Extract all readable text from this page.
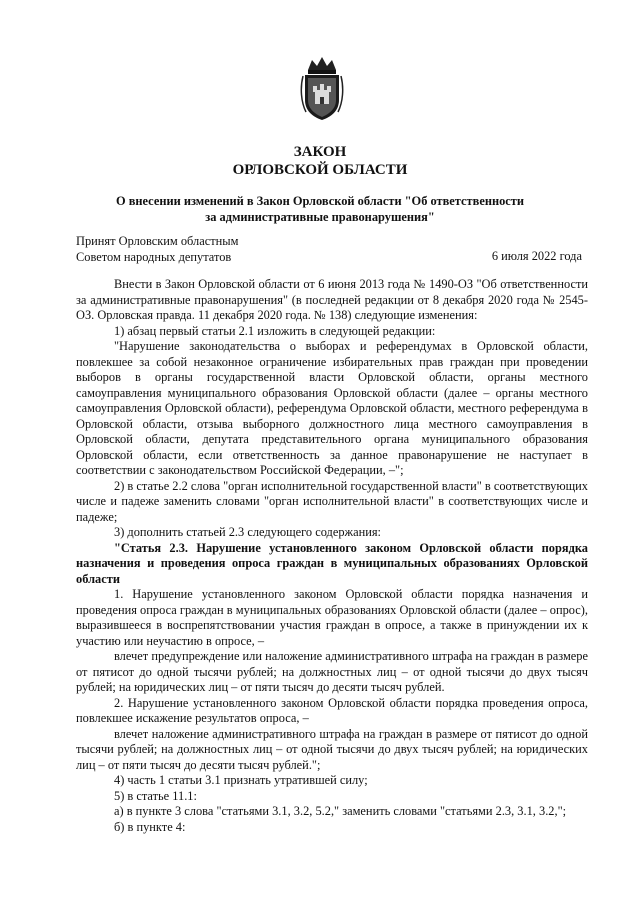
ЗАКОН
ОРЛОВСКОЙ ОБЛАСТИ
О внесении изменений в Закон Орловской области "Об ответственности
за административные правонарушения"
Принят Орловским областным
Советом народных депутатов	6 июля 2022 года

Внести в Закон Орловской области от 6 июня 2013 года № 1490-ОЗ "Об ответственности за административные правонарушения" (в последней редакции от 8 декабря 2020 года № 2545-ОЗ. Орловская правда. 11 декабря 2020 года. № 138) следующие изменения:

1) абзац первый статьи 2.1 изложить в следующей редакции:

"Нарушение законодательства о выборах и референдумах в Орловской области, повлекшее за собой незаконное ограничение избирательных прав граждан при проведении выборов в органы государственной власти Орловской области, органы местного самоуправления муниципального образования Орловской области (далее – органы местного самоуправления Орловской области), референдума Орловской области, местного референдума в Орловской области, отзыва выборного должностного лица местного самоуправления в Орловской области, депутата представительного органа муниципального образования Орловской области, если ответственность за данное правонарушение не наступает в соответствии с законодательством Российской Федерации, –";

2) в статье 2.2 слова "орган исполнительной государственной власти" в соответствующих числе и падеже заменить словами "орган исполнительной власти" в соответствующих числе и падеже;

3) дополнить статьей 2.3 следующего содержания:

"Статья 2.3. Нарушение установленного законом Орловской области порядка назначения и проведения опроса граждан в муниципальных образованиях Орловской области

1. Нарушение установленного законом Орловской области порядка назначения и проведения опроса граждан в муниципальных образованиях Орловской области (далее – опрос), выразившееся в воспрепятствовании участия граждан в опросе, а также в принуждении их к участию или неучастию в опросе, –

влечет предупреждение или наложение административного штрафа на граждан в размере от пятисот до одной тысячи рублей; на должностных лиц – от одной тысячи до двух тысяч рублей; на юридических лиц – от пяти тысяч до десяти тысяч рублей.

2. Нарушение установленного законом Орловской области порядка проведения опроса, повлекшее искажение результатов опроса, –

влечет наложение административного штрафа на граждан в размере от пятисот до одной тысячи рублей; на должностных лиц – от одной тысячи до двух тысяч рублей; на юридических лиц – от пяти тысяч до десяти тысяч рублей.";

4) часть 1 статьи 3.1 признать утратившей силу;

5) в статье 11.1:

а) в пункте 3 слова "статьями 3.1, 3.2, 5.2," заменить словами "статьями 2.3, 3.1, 3.2,";

б) в пункте 4:
